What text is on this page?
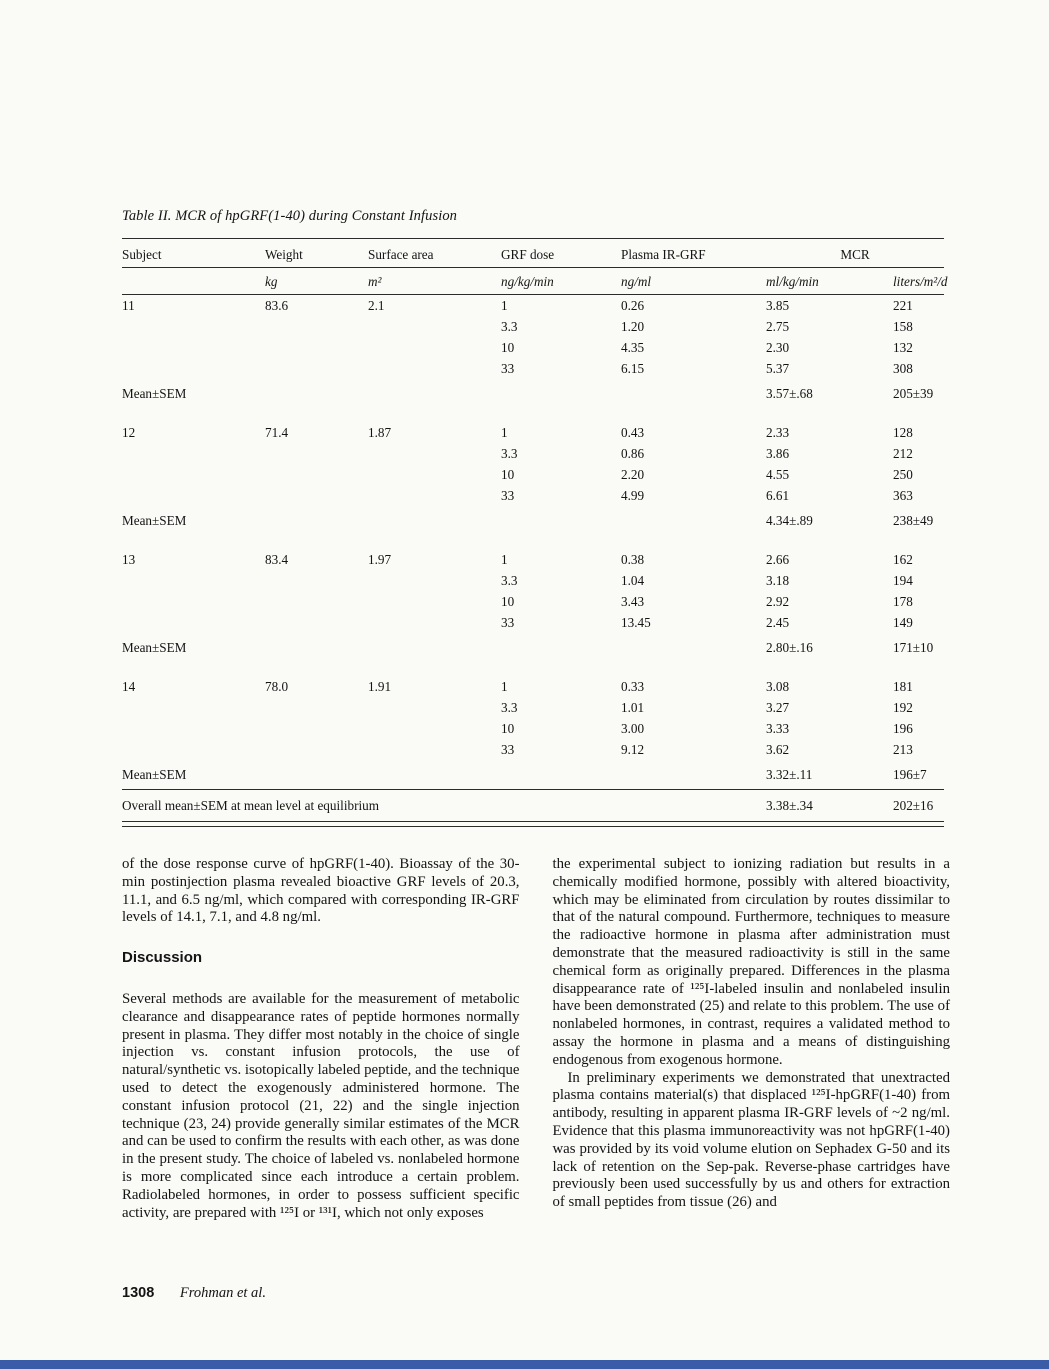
Table II. MCR of hpGRF(1-40) during Constant Infusion
Subject	Weight	Surface area	GRF dose	Plasma IR-GRF	MCR	
	kg	m²	ng/kg/min	ng/ml	ml/kg/min	liters/m²/d
11	83.6	2.1	1	0.26	3.85	221
			3.3	1.20	2.75	158
			10	4.35	2.30	132
			33	6.15	5.37	308
Mean±SEM					3.57±.68	205±39
12	71.4	1.87	1	0.43	2.33	128
			3.3	0.86	3.86	212
			10	2.20	4.55	250
			33	4.99	6.61	363
Mean±SEM					4.34±.89	238±49
13	83.4	1.97	1	0.38	2.66	162
			3.3	1.04	3.18	194
			10	3.43	2.92	178
			33	13.45	2.45	149
Mean±SEM					2.80±.16	171±10
14	78.0	1.91	1	0.33	3.08	181
			3.3	1.01	3.27	192
			10	3.00	3.33	196
			33	9.12	3.62	213
Mean±SEM					3.32±.11	196±7
Overall mean±SEM at mean level at equilibrium					3.38±.34	202±16

of the dose response curve of hpGRF(1-40). Bioassay of the 30-min postinjection plasma revealed bioactive GRF levels of 20.3, 11.1, and 6.5 ng/ml, which compared with corresponding IR-GRF levels of 14.1, 7.1, and 4.8 ng/ml.

Discussion

Several methods are available for the measurement of metabolic clearance and disappearance rates of peptide hormones normally present in plasma. They differ most notably in the choice of single injection vs. constant infusion protocols, the use of natural/synthetic vs. isotopically labeled peptide, and the technique used to detect the exogenously administered hormone. The constant infusion protocol (21, 22) and the single injection technique (23, 24) provide generally similar estimates of the MCR and can be used to confirm the results with each other, as was done in the present study. The choice of labeled vs. nonlabeled hormone is more complicated since each introduce a certain problem. Radiolabeled hormones, in order to possess sufficient specific activity, are prepared with ¹²⁵I or ¹³¹I, which not only exposes

the experimental subject to ionizing radiation but results in a chemically modified hormone, possibly with altered bioactivity, which may be eliminated from circulation by routes dissimilar to that of the natural compound. Furthermore, techniques to measure the radioactive hormone in plasma after administration must demonstrate that the measured radioactivity is still in the same chemical form as originally prepared. Differences in the plasma disappearance rate of ¹²⁵I-labeled insulin and nonlabeled insulin have been demonstrated (25) and relate to this problem. The use of nonlabeled hormones, in contrast, requires a validated method to assay the hormone in plasma and a means of distinguishing endogenous from exogenous hormone.

In preliminary experiments we demonstrated that unextracted plasma contains material(s) that displaced ¹²⁵I-hpGRF(1-40) from antibody, resulting in apparent plasma IR-GRF levels of ~2 ng/ml. Evidence that this plasma immunoreactivity was not hpGRF(1-40) was provided by its void volume elution on Sephadex G-50 and its lack of retention on the Sep-pak. Reverse-phase cartridges have previously been used successfully by us and others for extraction of small peptides from tissue (26) and

1308 Frohman et al.
